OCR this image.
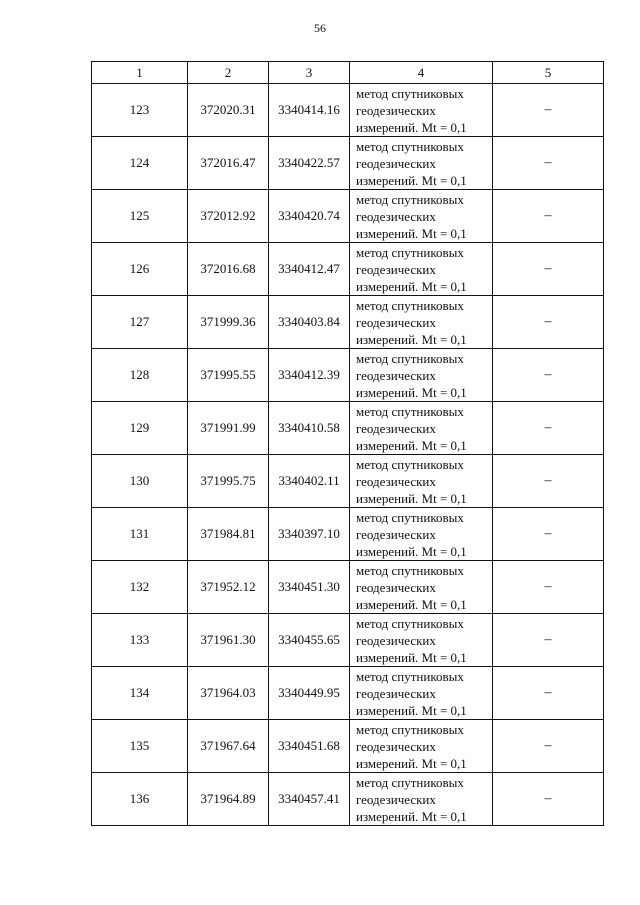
56
1	2	3	4	5
123	372020.31	3340414.16	метод спутниковых
геодезических
измерений. Mt = 0,1	–
124	372016.47	3340422.57	метод спутниковых
геодезических
измерений. Mt = 0,1	–
125	372012.92	3340420.74	метод спутниковых
геодезических
измерений. Mt = 0,1	–
126	372016.68	3340412.47	метод спутниковых
геодезических
измерений. Mt = 0,1	–
127	371999.36	3340403.84	метод спутниковых
геодезических
измерений. Mt = 0,1	–
128	371995.55	3340412.39	метод спутниковых
геодезических
измерений. Mt = 0,1	–
129	371991.99	3340410.58	метод спутниковых
геодезических
измерений. Mt = 0,1	–
130	371995.75	3340402.11	метод спутниковых
геодезических
измерений. Mt = 0,1	–
131	371984.81	3340397.10	метод спутниковых
геодезических
измерений. Mt = 0,1	–
132	371952.12	3340451.30	метод спутниковых
геодезических
измерений. Mt = 0,1	–
133	371961.30	3340455.65	метод спутниковых
геодезических
измерений. Mt = 0,1	–
134	371964.03	3340449.95	метод спутниковых
геодезических
измерений. Mt = 0,1	–
135	371967.64	3340451.68	метод спутниковых
геодезических
измерений. Mt = 0,1	–
136	371964.89	3340457.41	метод спутниковых
геодезических
измерений. Mt = 0,1	–
